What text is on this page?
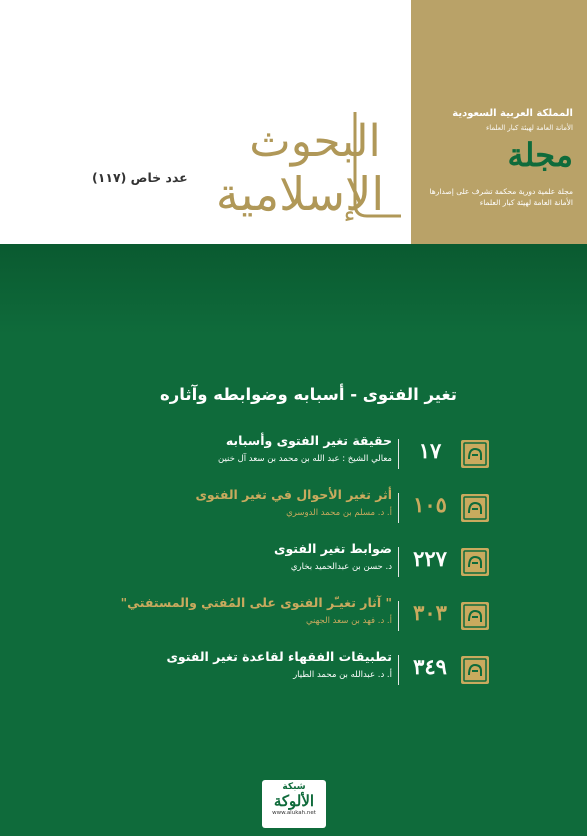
المملكة العربية السعودية
الأمانة العامة لهيئة كبار العلماء
مجلة
مجلة علمية دورية محكمة تشرف على إصدارها الأمانة العامة لهيئة كبار العلماء
البحوث
الإسلامية
عدد خاص (١١٧)
تغير الفتوى - أسبابه وضوابطه وآثاره
١٧
حقيقة تغير الفتوى وأسبابه
معالي الشيخ : عبد الله بن محمد بن سعد آل خنين
١٠٥
أثر تغير الأحوال في تغير الفتوى
أ. د. مسلم بن محمد الدوسري
٢٢٧
ضوابط تغير الفتوى
د. حسن بن عبدالحميد بخاري
٣٠٣
" آثار تغيـّر الفتوى على المُفتي والمستفتي"
أ. د. فهد بن سعد الجهني
٣٤٩
تطبيقات الفقهاء لقاعدة تغير الفتوى
أ. د. عبدالله بن محمد الطيار
شبكة
الألوكة
www.alukah.net
